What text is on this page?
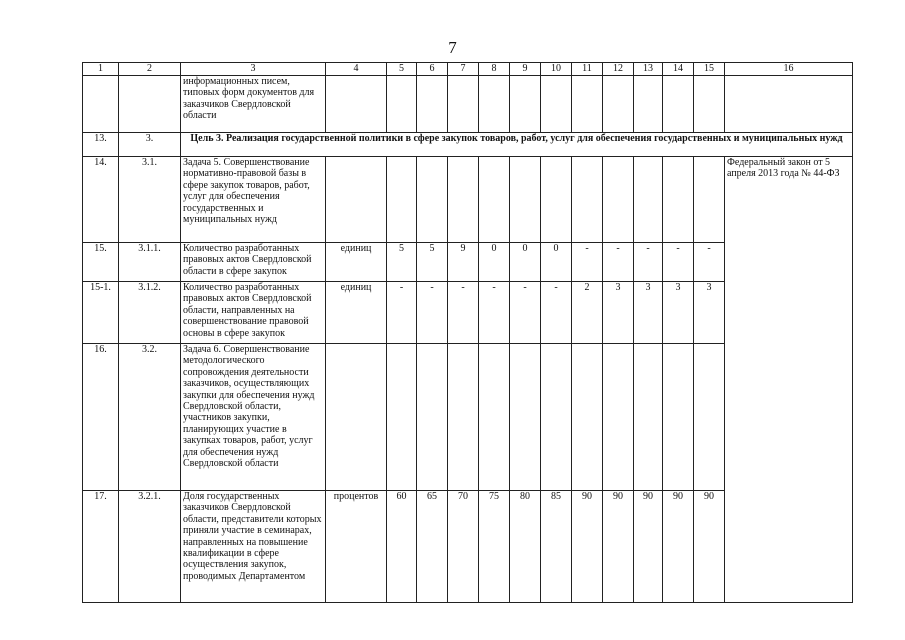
7
1	2	3	4	5	6	7	8	9	10	11	12	13	14	15	16
		информационных писем, типовых форм документов для заказчиков Свердловской области													
13.	3.	Цель 3. Реализация государственной политики в сфере закупок товаров, работ, услуг для обеспечения государственных и муниципальных нужд													
14.	3.1.	Задача 5. Совершенствование нормативно-правовой базы в сфере закупок товаров, работ, услуг для обеспечения государственных и муниципальных нужд													Федеральный закон от 5 апреля 2013 года № 44-ФЗ
15.	3.1.1.	Количество разработанных правовых актов Свердловской области в сфере закупок	единиц	5	5	9	0	0	0	-	-	-	-	-	
15-1.	3.1.2.	Количество разработанных правовых актов Свердловской области, направленных на совершенствование правовой основы в сфере закупок	единиц	-	-	-	-	-	-	2	3	3	3	3	
16.	3.2.	Задача 6. Совершенствование методологического сопровождения деятельности заказчиков, осуществляющих закупки для обеспечения нужд Свердловской области, участников закупки, планирующих участие в закупках товаров, работ, услуг для обеспечения нужд Свердловской области													
17.	3.2.1.	Доля государственных заказчиков Свердловской области, представители которых приняли участие в семинарах, направленных на повышение квалификации в сфере осуществления закупок, проводимых Департаментом	процентов	60	65	70	75	80	85	90	90	90	90	90	
